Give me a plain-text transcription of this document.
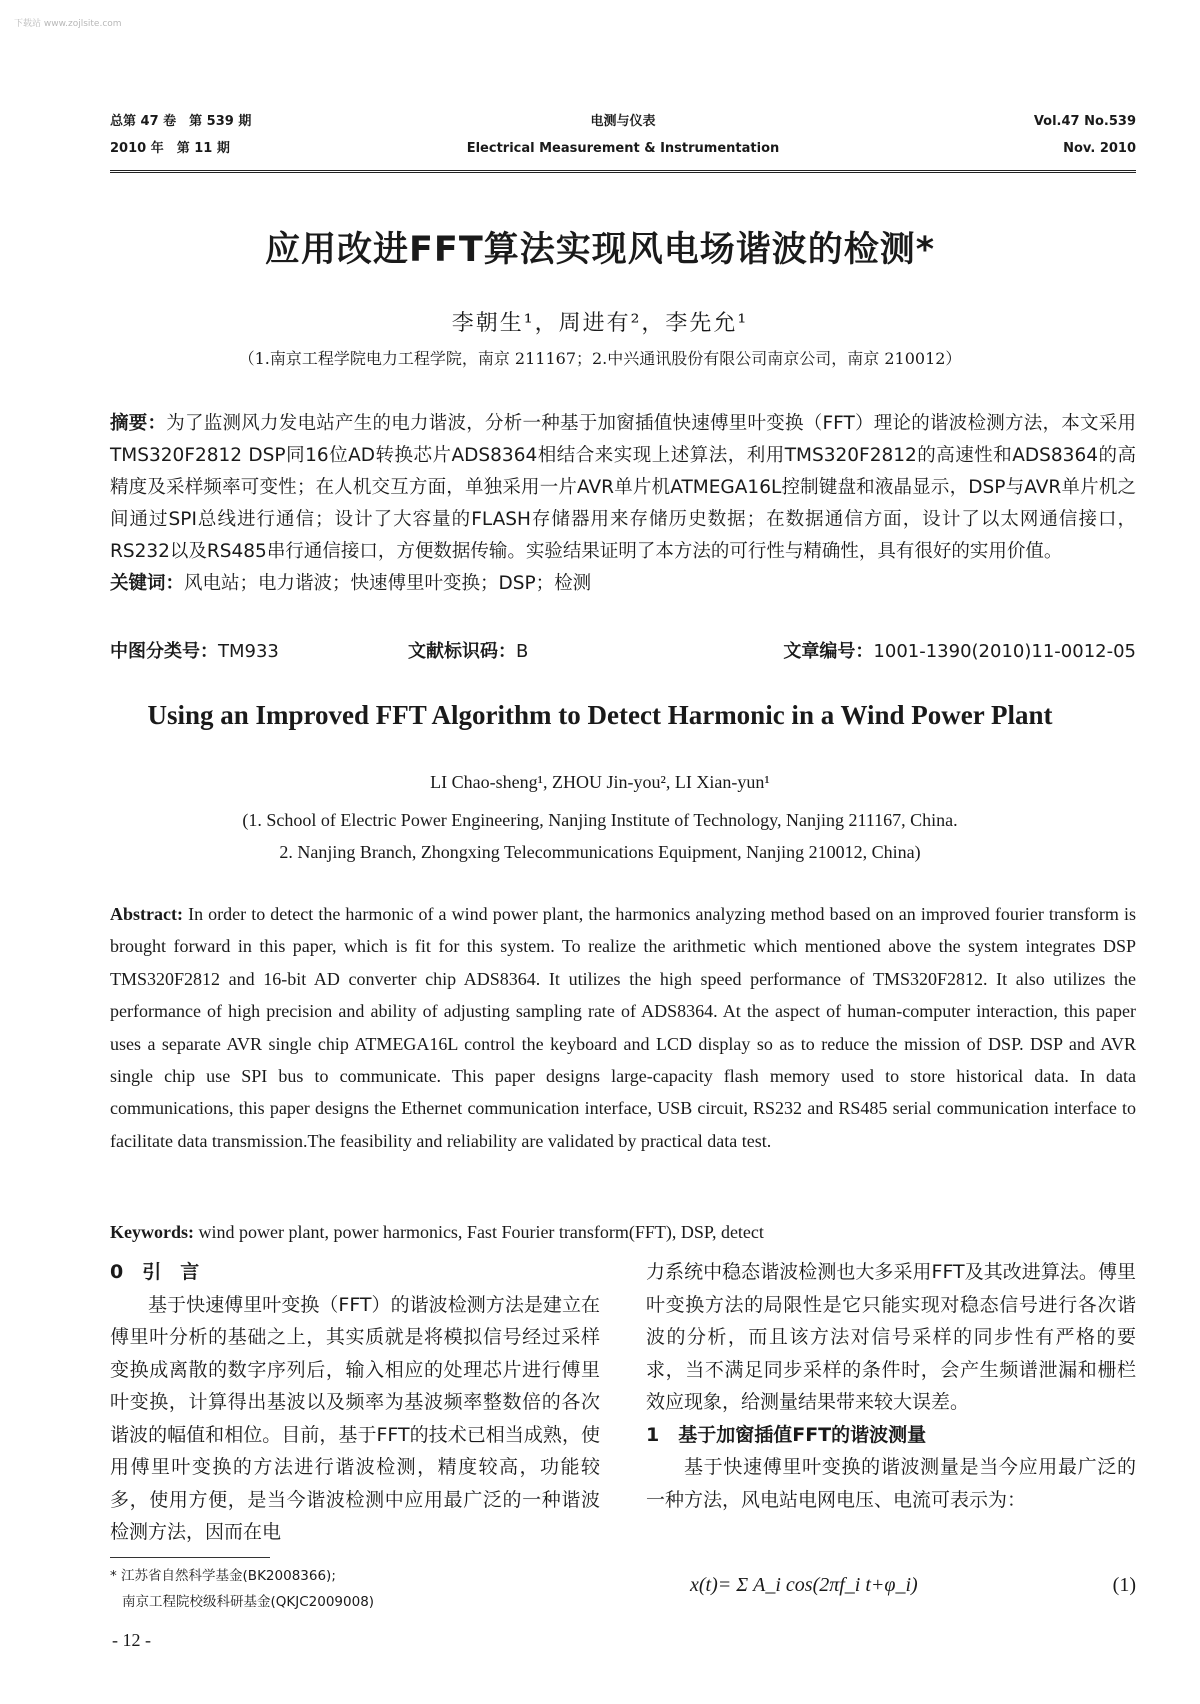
下载站 www.zojlsite.com
总第 47 卷　第 539 期
2010 年　第 11 期
电测与仪表
Electrical Measurement & Instrumentation
Vol.47 No.539
Nov. 2010
应用改进FFT算法实现风电场谐波的检测*
李朝生¹，周进有²，李先允¹
（1.南京工程学院电力工程学院，南京 211167；2.中兴通讯股份有限公司南京公司，南京 210012）
摘要：为了监测风力发电站产生的电力谐波，分析一种基于加窗插值快速傅里叶变换（FFT）理论的谐波检测方法，本文采用TMS320F2812 DSP同16位AD转换芯片ADS8364相结合来实现上述算法，利用TMS320F2812的高速性和ADS8364的高精度及采样频率可变性；在人机交互方面，单独采用一片AVR单片机ATMEGA16L控制键盘和液晶显示，DSP与AVR单片机之间通过SPI总线进行通信；设计了大容量的FLASH存储器用来存储历史数据；在数据通信方面，设计了以太网通信接口，RS232以及RS485串行通信接口，方便数据传输。实验结果证明了本方法的可行性与精确性，具有很好的实用价值。
关键词：风电站；电力谐波；快速傅里叶变换；DSP；检测
中图分类号：TM933	文献标识码：B	文章编号：1001-1390(2010)11-0012-05
Using an Improved FFT Algorithm to Detect Harmonic in a Wind Power Plant
LI Chao-sheng¹, ZHOU Jin-you², LI Xian-yun¹
(1. School of Electric Power Engineering, Nanjing Institute of Technology, Nanjing 211167, China.
2. Nanjing Branch, Zhongxing Telecommunications Equipment, Nanjing 210012, China)
Abstract: In order to detect the harmonic of a wind power plant, the harmonics analyzing method based on an improved fourier transform is brought forward in this paper, which is fit for this system. To realize the arithmetic which mentioned above the system integrates DSP TMS320F2812 and 16-bit AD converter chip ADS8364. It utilizes the high speed performance of TMS320F2812. It also utilizes the performance of high precision and ability of adjusting sampling rate of ADS8364. At the aspect of human-computer interaction, this paper uses a separate AVR single chip ATMEGA16L control the keyboard and LCD display so as to reduce the mission of DSP. DSP and AVR single chip use SPI bus to communicate. This paper designs large-capacity flash memory used to store historical data. In data communications, this paper designs the Ethernet communication interface, USB circuit, RS232 and RS485 serial communication interface to facilitate data transmission.The feasibility and reliability are validated by practical data test.
Keywords: wind power plant, power harmonics, Fast Fourier transform(FFT), DSP, detect
0　引　言

基于快速傅里叶变换（FFT）的谐波检测方法是建立在傅里叶分析的基础之上，其实质就是将模拟信号经过采样变换成离散的数字序列后，输入相应的处理芯片进行傅里叶变换，计算得出基波以及频率为基波频率整数倍的各次谐波的幅值和相位。目前，基于FFT的技术已相当成熟，使用傅里叶变换的方法进行谐波检测，精度较高，功能较多，使用方便，是当今谐波检测中应用最广泛的一种谐波检测方法，因而在电

力系统中稳态谐波检测也大多采用FFT及其改进算法。傅里叶变换方法的局限性是它只能实现对稳态信号进行各次谐波的分析，而且该方法对信号采样的同步性有严格的要求，当不满足同步采样的条件时，会产生频谱泄漏和栅栏效应现象，给测量结果带来较大误差。

1　基于加窗插值FFT的谐波测量

基于快速傅里叶变换的谐波测量是当今应用最广泛的一种方法，风电站电网电压、电流可表示为：

x(t)= Σ A_i cos(2πf_i t+φ_i)	(1)
* 江苏省自然科学基金(BK2008366);
南京工程院校级科研基金(QKJC2009008)
- 12 -
